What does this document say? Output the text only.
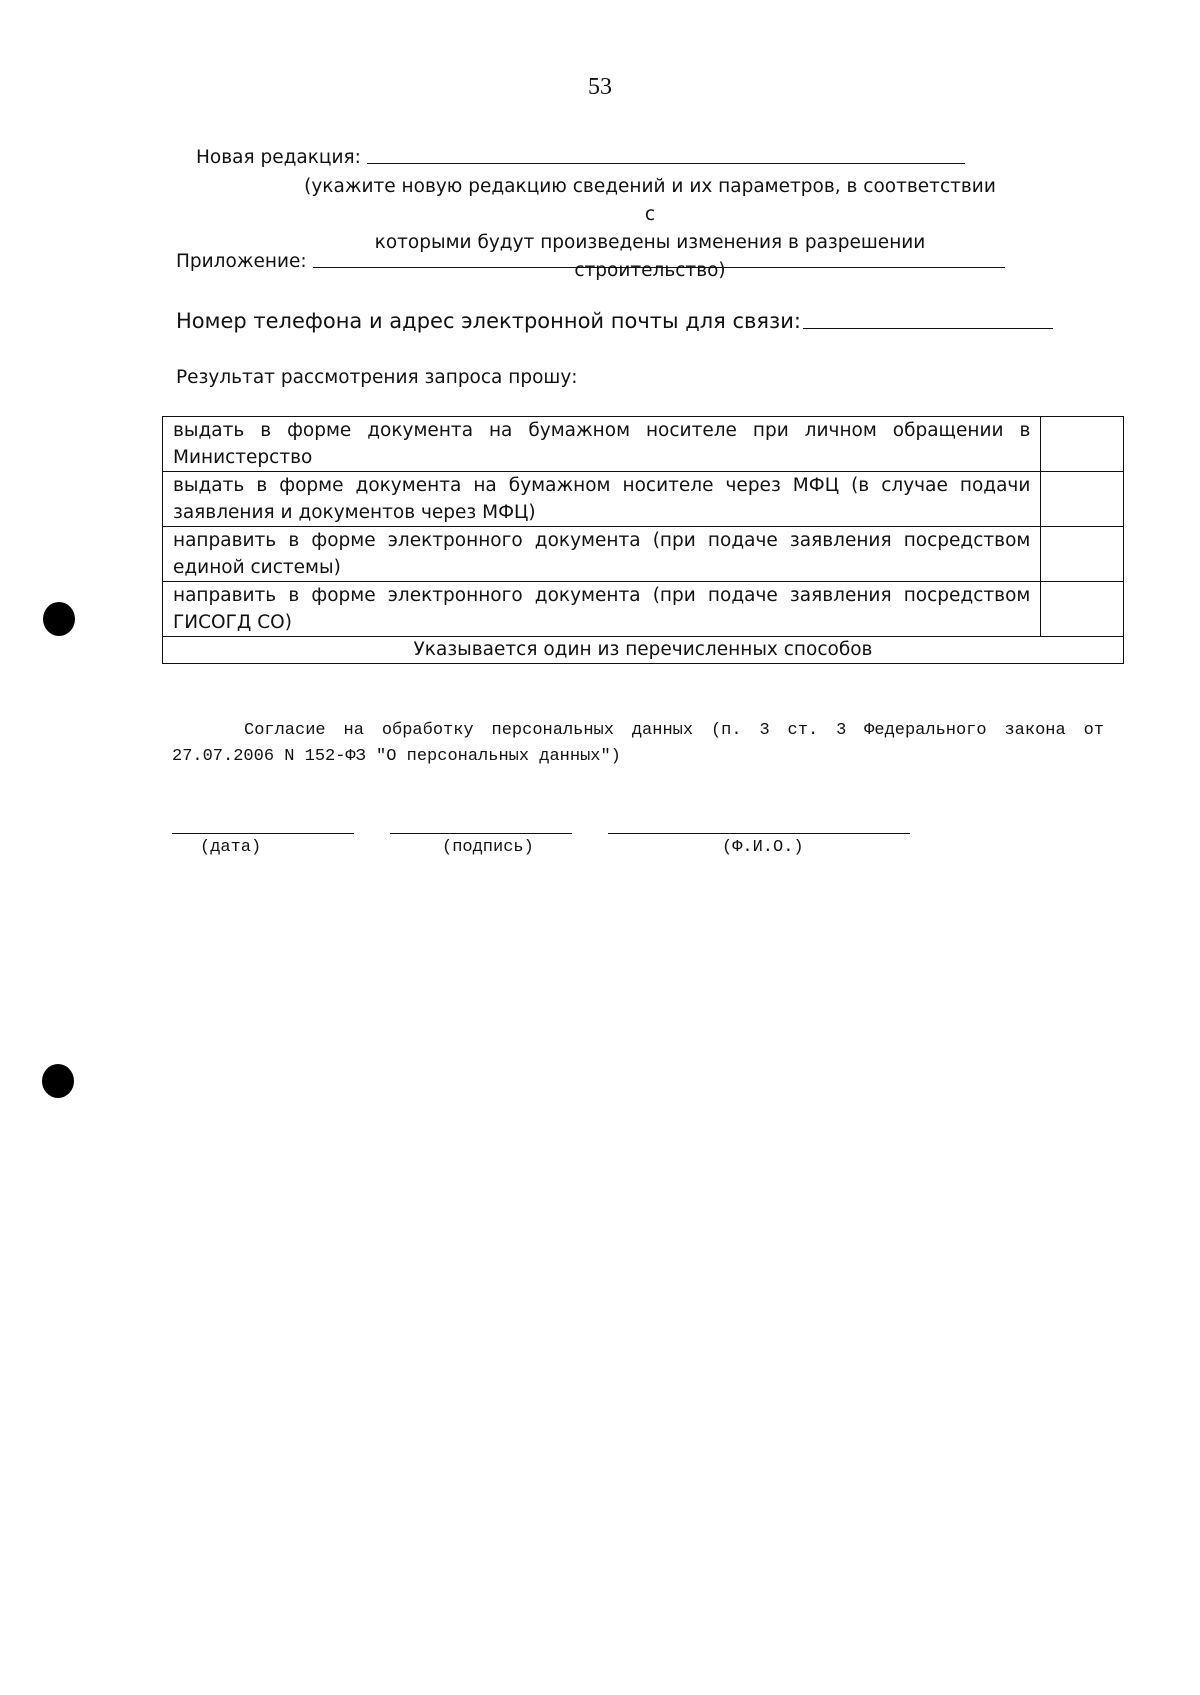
53
Новая редакция:
(укажите новую редакцию сведений и их параметров, в соответствии с
которыми будут произведены изменения в разрешении строительство)
Приложение:
Номер телефона и адрес электронной почты для связи:
Результат рассмотрения запроса прошу:
выдать в форме документа на бумажном носителе при личном обращении в Министерство	
выдать в форме документа на бумажном носителе через МФЦ (в случае подачи заявления и документов через МФЦ)	
направить в форме электронного документа (при подаче заявления посредством единой системы)	
направить в форме электронного документа (при подаче заявления посредством ГИСОГД СО)	
Указывается один из перечисленных способов	
Согласие на обработку персональных данных (п. 3 ст. 3 Федерального закона от 27.07.2006 N 152-ФЗ "О персональных данных")
(дата)	(подпись)	(Ф.И.О.)
